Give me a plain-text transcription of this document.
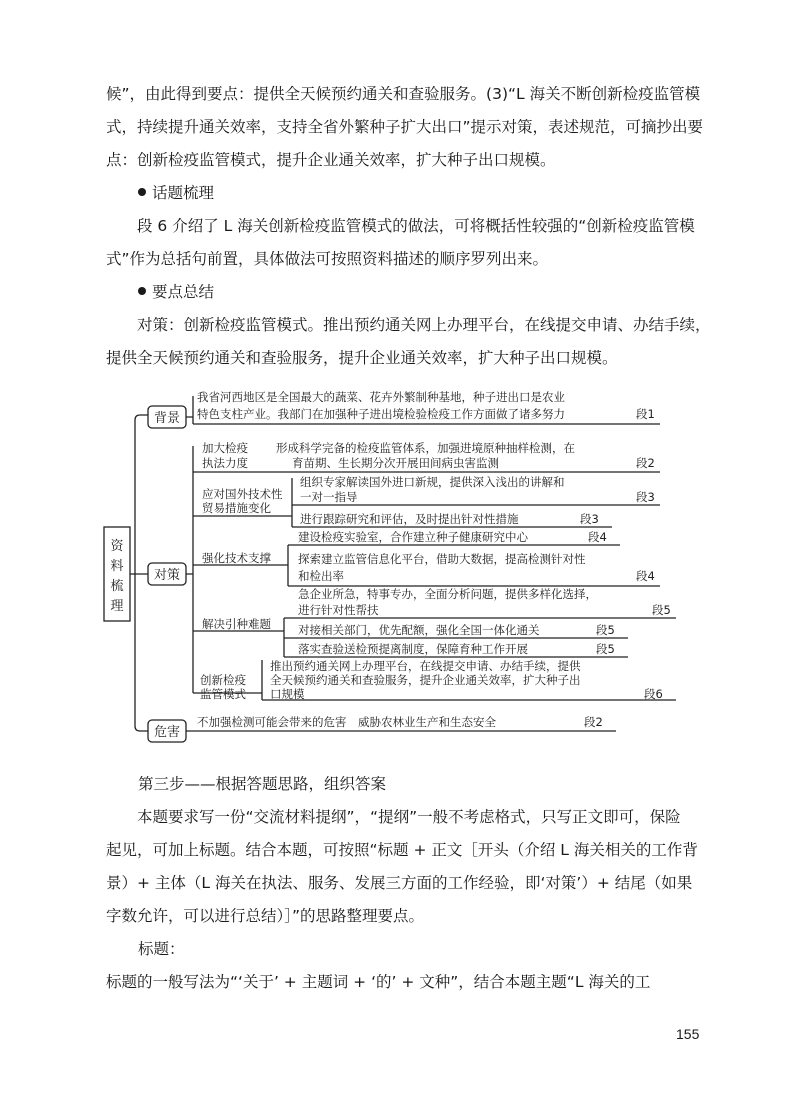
候”，由此得到要点：提供全天候预约通关和查验服务。(3)“L 海关不断创新检疫监管模
式，持续提升通关效率，支持全省外繁种子扩大出口”提示对策，表述规范，可摘抄出要
点：创新检疫监管模式，提升企业通关效率，扩大种子出口规模。
话题梳理
段 6 介绍了 L 海关创新检疫监管模式的做法，可将概括性较强的“创新检疫监管模
式”作为总括句前置，具体做法可按照资料描述的顺序罗列出来。
要点总结
对策：创新检疫监管模式。推出预约通关网上办理平台，在线提交申请、办结手续，
提供全天候预约通关和查验服务，提升企业通关效率，扩大种子出口规模。
资
料
梳
理
背景
我省河西地区是全国最大的蔬菜、花卉外繁制种基地，种子进出口是农业
特色支柱产业。我部门在加强种子进出境检验检疫工作方面做了诸多努力	段1
对策
加大检疫
执法力度
形成科学完备的检疫监管体系，加强进境原种抽样检测，在
育苗期、生长期分次开展田间病虫害监测	段2
应对国外技术性
贸易措施变化
组织专家解读国外进口新规，提供深入浅出的讲解和
一对一指导	段3
进行跟踪研究和评估，及时提出针对性措施	段3
强化技术支撑
建设检疫实验室，合作建立种子健康研究中心	段4
探索建立监管信息化平台，借助大数据，提高检测针对性
和检出率	段4
解决引种难题
急企业所急，特事专办，全面分析问题，提供多样化选择，
进行针对性帮扶	段5
对接相关部门，优先配额，强化全国一体化通关	段5
落实查验送检预提离制度，保障育种工作开展	段5
创新检疫
监管模式
推出预约通关网上办理平台，在线提交申请、办结手续，提供
全天候预约通关和查验服务，提升企业通关效率，扩大种子出
口规模	段6
危害
不加强检测可能会带来的危害　威胁农林业生产和生态安全	段2
第三步——根据答题思路，组织答案
本题要求写一份“交流材料提纲”，“提纲”一般不考虑格式，只写正文即可，保险
起见，可加上标题。结合本题，可按照“标题 + 正文［开头（介绍 L 海关相关的工作背
景）+ 主体（L 海关在执法、服务、发展三方面的工作经验，即‘对策’）+ 结尾（如果
字数允许，可以进行总结）］”的思路整理要点。
标题：
标题的一般写法为“‘关于’ + 主题词 + ‘的’ + 文种”，结合本题主题“L 海关的工
155
